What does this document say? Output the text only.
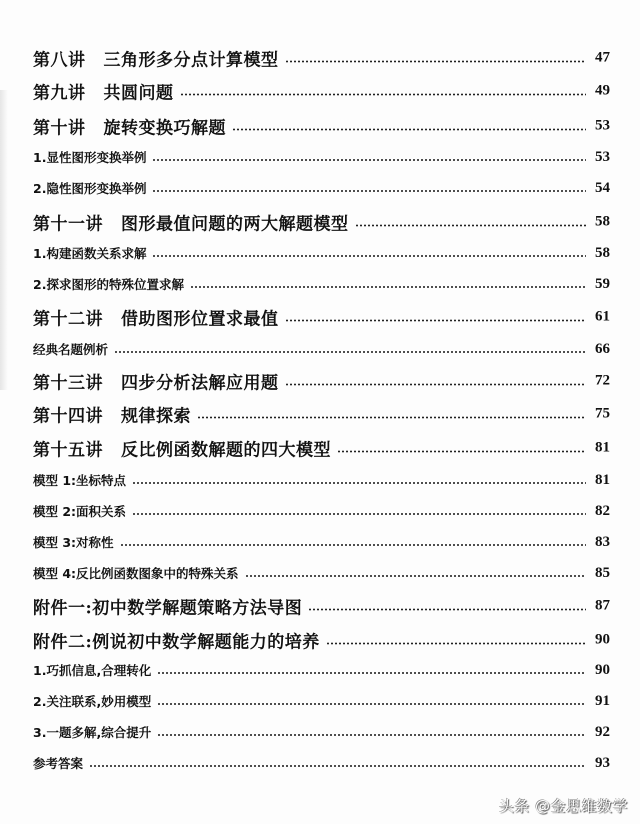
第八讲 三角形多分点计算模型	47
第九讲 共圆问题	49
第十讲 旋转变换巧解题	53
1.显性图形变换举例	53
2.隐性图形变换举例	54
第十一讲 图形最值问题的两大解题模型	58
1.构建函数关系求解	58
2.探求图形的特殊位置求解	59
第十二讲 借助图形位置求最值	61
经典名题例析	66
第十三讲 四步分析法解应用题	72
第十四讲 规律探索	75
第十五讲 反比例函数解题的四大模型	81
模型 1:坐标特点	81
模型 2:面积关系	82
模型 3:对称性	83
模型 4:反比例函数图象中的特殊关系	85
附件一:初中数学解题策略方法导图	87
附件二:例说初中数学解题能力的培养	90
1.巧抓信息,合理转化	90
2.关注联系,妙用模型	91
3.一题多解,综合提升	92
参考答案	93
头条 @金思维数学
